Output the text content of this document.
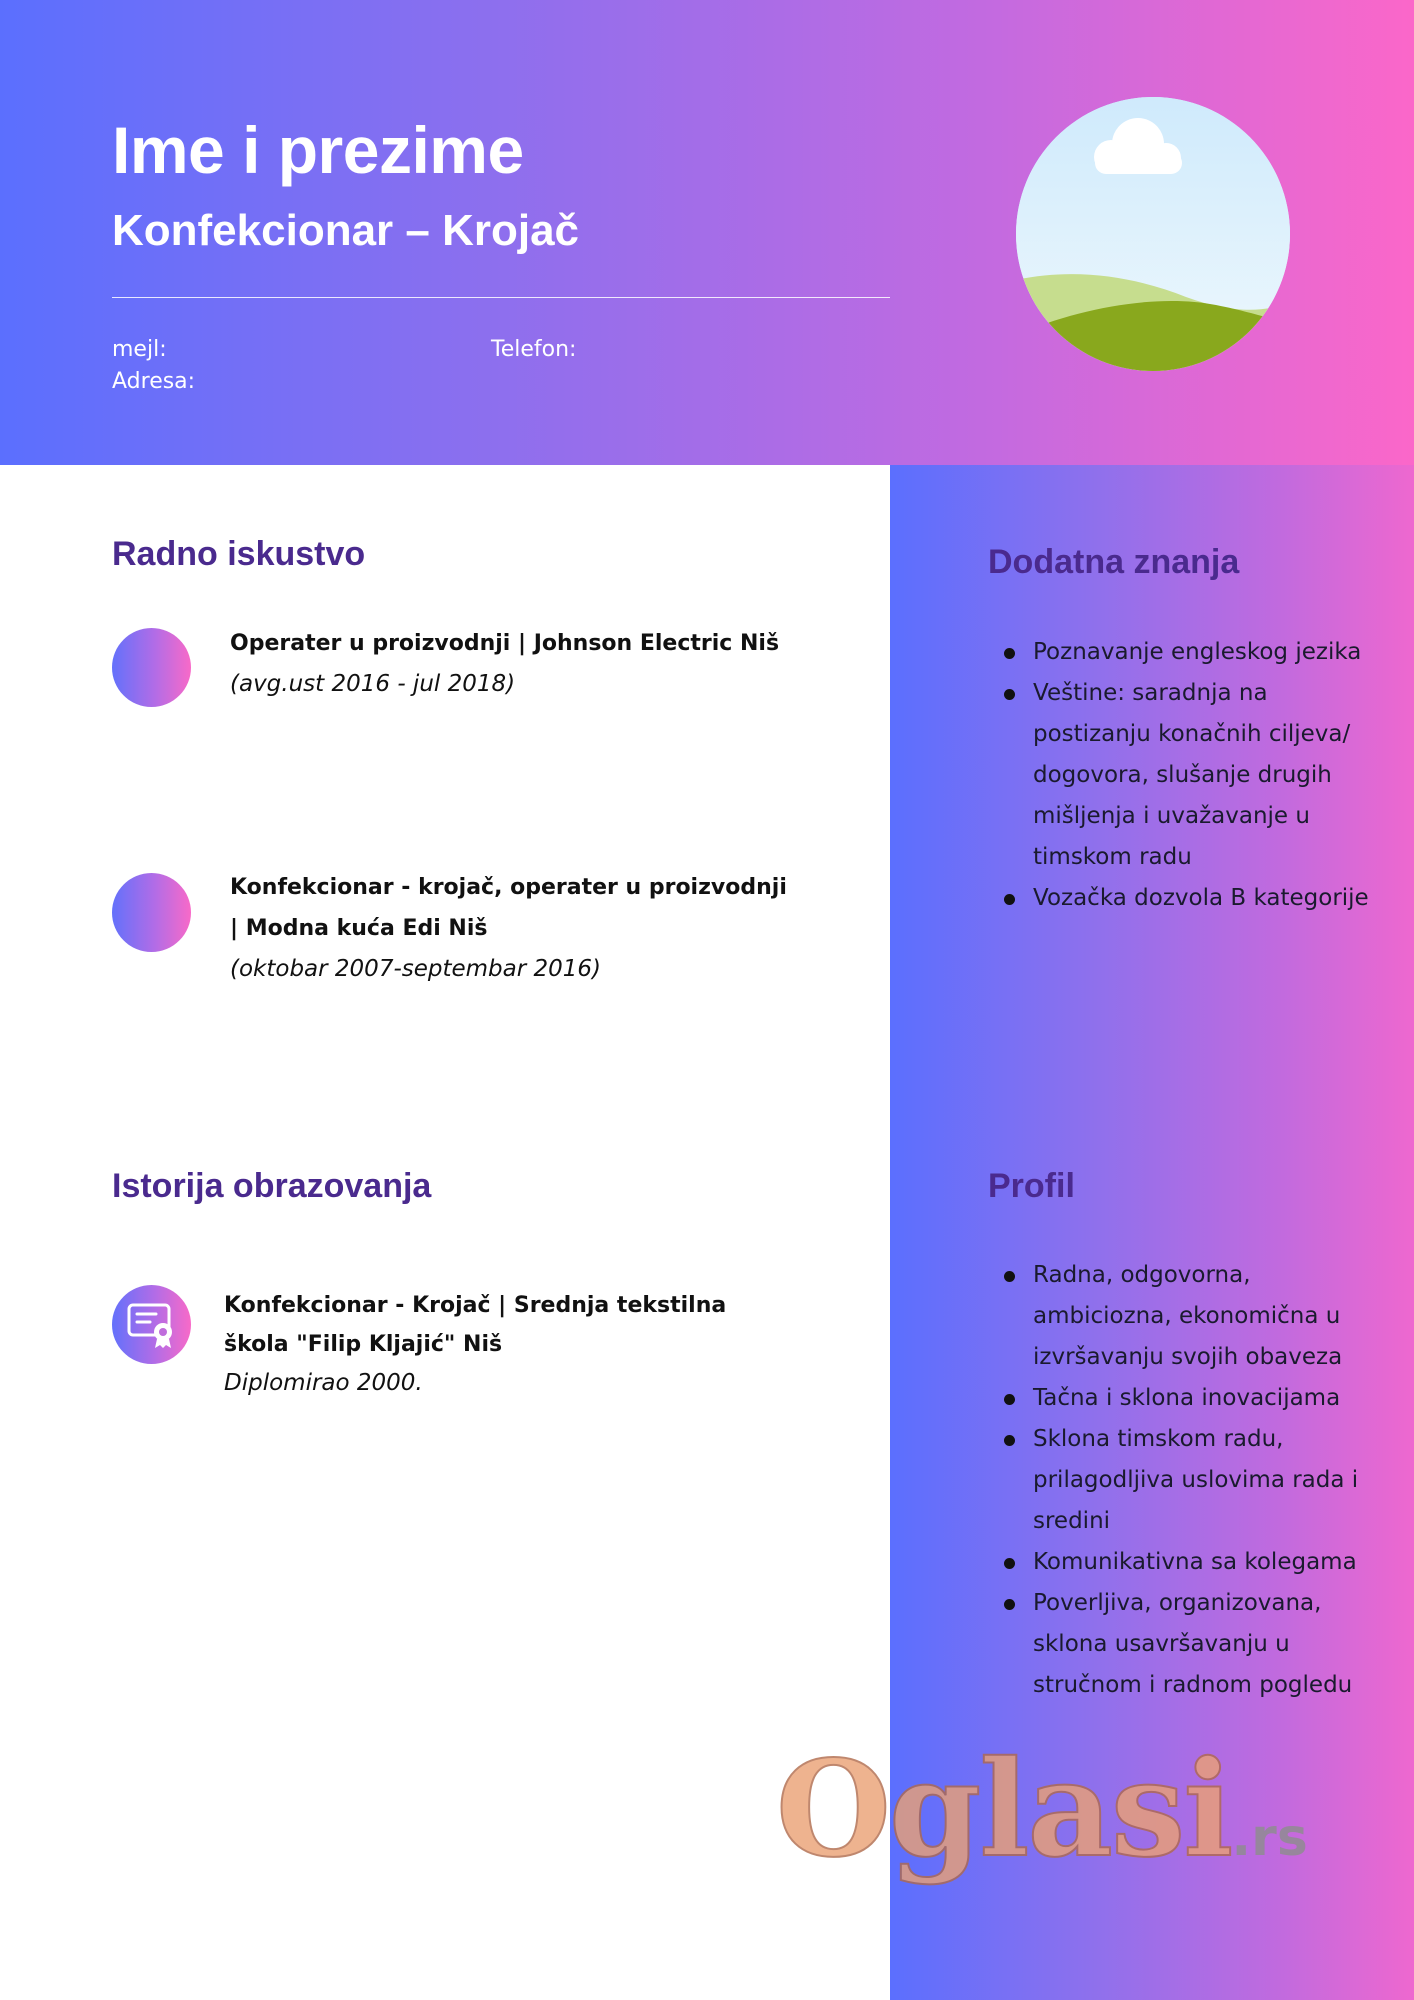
Ime i prezime
Konfekcionar – Krojač
mejl:
Adresa:
Telefon:
Dodatna znanja
Poznavanje engleskog jezika
Veštine: saradnja na postizanju konačnih ciljeva/ dogovora, slušanje drugih mišljenja i uvažavanje u timskom radu
Vozačka dozvola B kategorije
Profil
Radna, odgovorna, ambiciozna, ekonomična u izvršavanju svojih obaveza
Tačna i sklona inovacijama
Sklona timskom radu, prilagodljiva uslovima rada i sredini
Komunikativna sa kolegama
Poverljiva, organizovana, sklona usavršavanju u stručnom i radnom pogledu
Radno iskustvo
Operater u proizvodnji | Johnson Electric Niš
(avg.ust 2016 - jul 2018)
Konfekcionar - krojač, operater u proizvodnji | Modna kuća Edi Niš
(oktobar 2007-septembar 2016)
Istorija obrazovanja
Konfekcionar - Krojač | Srednja tekstilna škola "Filip Kljajić" Niš
Diplomirao 2000.
Oglasi.rs
